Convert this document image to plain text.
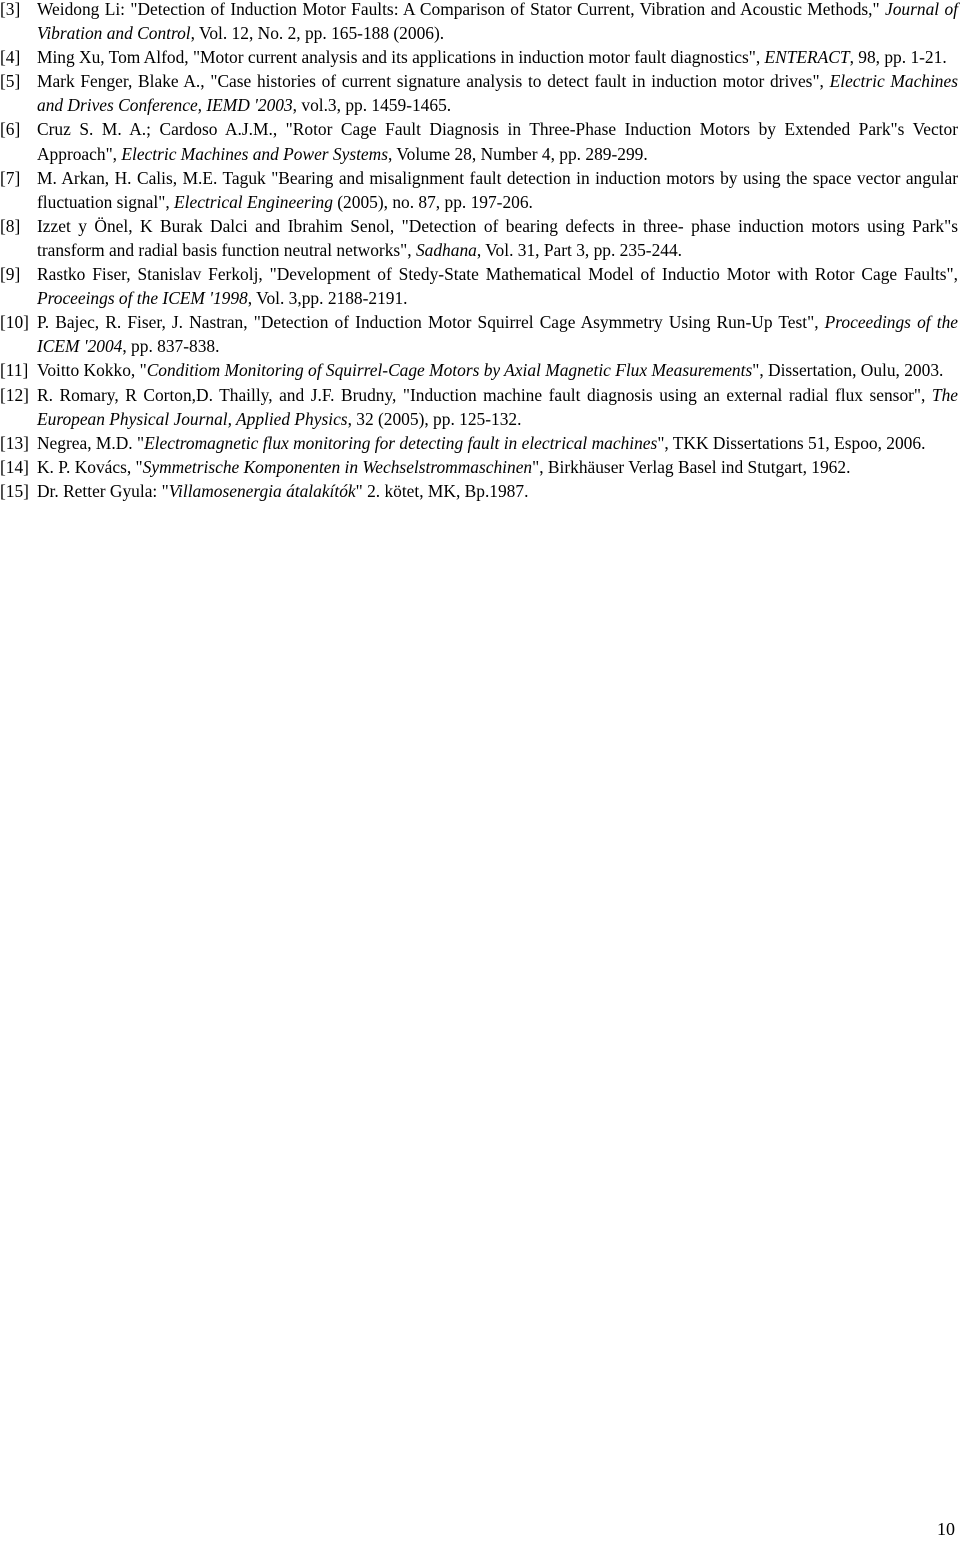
[3] Weidong Li: "Detection of Induction Motor Faults: A Comparison of Stator Current, Vibration and Acoustic Methods," Journal of Vibration and Control, Vol. 12, No. 2, pp. 165-188 (2006).
[4] Ming Xu, Tom Alfod, "Motor current analysis and its applications in induction motor fault diagnostics", ENTERACT, 98, pp. 1-21.
[5] Mark Fenger, Blake A., "Case histories of current signature analysis to detect fault in induction motor drives", Electric Machines and Drives Conference, IEMD '2003, vol.3, pp. 1459-1465.
[6] Cruz S. M. A.; Cardoso A.J.M., "Rotor Cage Fault Diagnosis in Three-Phase Induction Motors by Extended Park"s Vector Approach", Electric Machines and Power Systems, Volume 28, Number 4, pp. 289-299.
[7] M. Arkan, H. Calis, M.E. Taguk "Bearing and misalignment fault detection in induction motors by using the space vector angular fluctuation signal", Electrical Engineering (2005), no. 87, pp. 197-206.
[8] Izzet y Önel, K Burak Dalci and Ibrahim Senol, "Detection of bearing defects in three- phase induction motors using Park"s transform and radial basis function neutral networks", Sadhana, Vol. 31, Part 3, pp. 235-244.
[9] Rastko Fiser, Stanislav Ferkolj, "Development of Stedy-State Mathematical Model of Inductio Motor with Rotor Cage Faults", Proceeings of the ICEM '1998, Vol. 3,pp. 2188-2191.
[10] P. Bajec, R. Fiser, J. Nastran, "Detection of Induction Motor Squirrel Cage Asymmetry Using Run-Up Test", Proceedings of the ICEM '2004, pp. 837-838.
[11] Voitto Kokko, "Conditiom Monitoring of Squirrel-Cage Motors by Axial Magnetic Flux Measurements", Dissertation, Oulu, 2003.
[12] R. Romary, R Corton,D. Thailly, and J.F. Brudny, "Induction machine fault diagnosis using an external radial flux sensor", The European Physical Journal, Applied Physics, 32 (2005), pp. 125-132.
[13] Negrea, M.D. "Electromagnetic flux monitoring for detecting fault in electrical machines", TKK Dissertations 51, Espoo, 2006.
[14] K. P. Kovács, "Symmetrische Komponenten in Wechselstrommaschinen", Birkhäuser Verlag Basel ind Stutgart, 1962.
[15] Dr. Retter Gyula: "Villamosenergia átalakítók" 2. kötet, MK, Bp.1987.
10
